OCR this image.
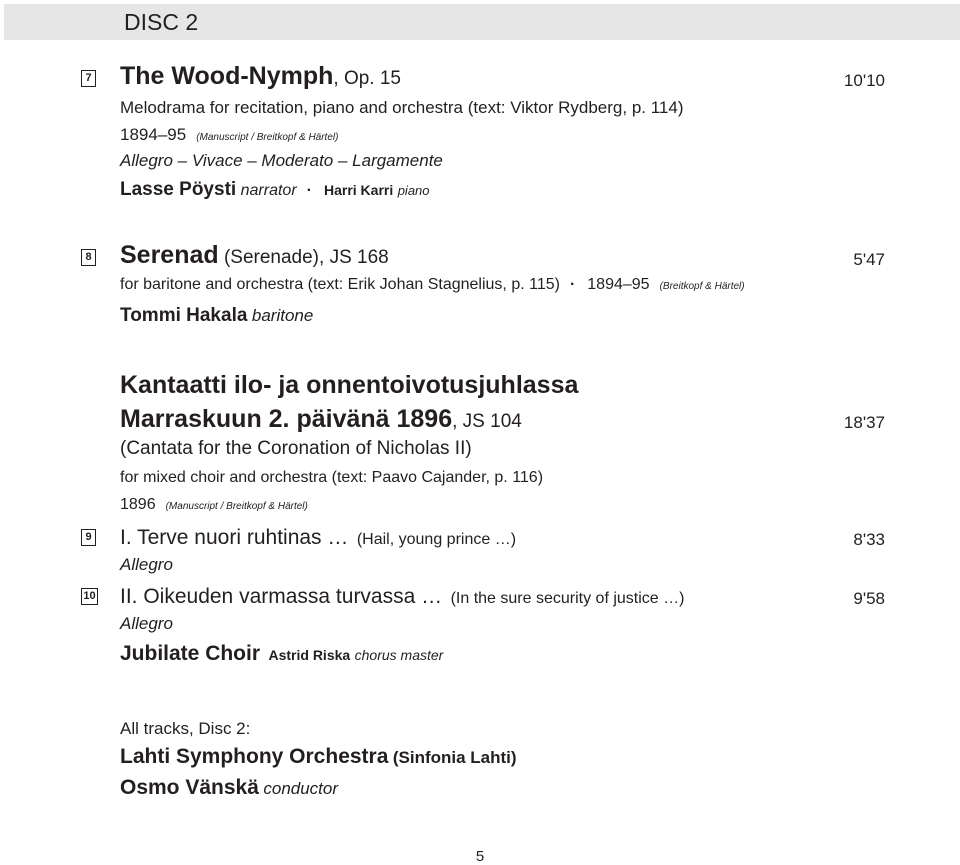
DISC 2
7 The Wood-Nymph, Op. 15	10'10
Melodrama for recitation, piano and orchestra (text: Viktor Rydberg, p. 114)
1894–95 (Manuscript / Breitkopf & Härtel)
Allegro – Vivace – Moderato – Largamente
Lasse Pöysti narrator · Harri Karri piano
8 Serenad (Serenade), JS 168	5'47
for baritone and orchestra (text: Erik Johan Stagnelius, p. 115) · 1894–95 (Breitkopf & Härtel)
Tommi Hakala baritone
Kantaatti ilo- ja onnentoivotusjuhlassa
Marraskuun 2. päivänä 1896, JS 104	18'37
(Cantata for the Coronation of Nicholas II)
for mixed choir and orchestra (text: Paavo Cajander, p. 116)
1896 (Manuscript / Breitkopf & Härtel)
9 I. Terve nuori ruhtinas … (Hail, young prince …)	8'33
Allegro
10 II. Oikeuden varmassa turvassa … (In the sure security of justice …)	9'58
Allegro
Jubilate Choir Astrid Riska chorus master
All tracks, Disc 2:
Lahti Symphony Orchestra (Sinfonia Lahti)
Osmo Vänskä conductor
5
